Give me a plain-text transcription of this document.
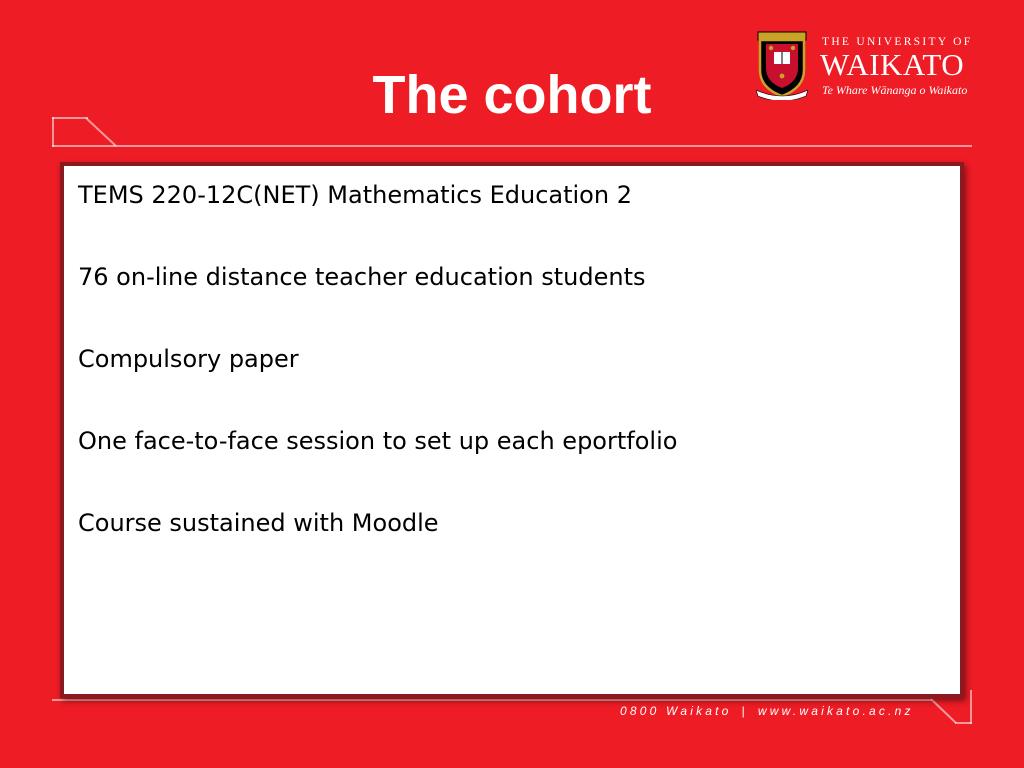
The cohort
THE UNIVERSITY OF
WAIKATO
Te Whare Wānanga o Waikato
TEMS 220-12C(NET) Mathematics Education 2
76 on-line distance teacher education students
Compulsory paper
One face-to-face session to set up each eportfolio
Course sustained with Moodle
0800 Waikato | www.waikato.ac.nz
